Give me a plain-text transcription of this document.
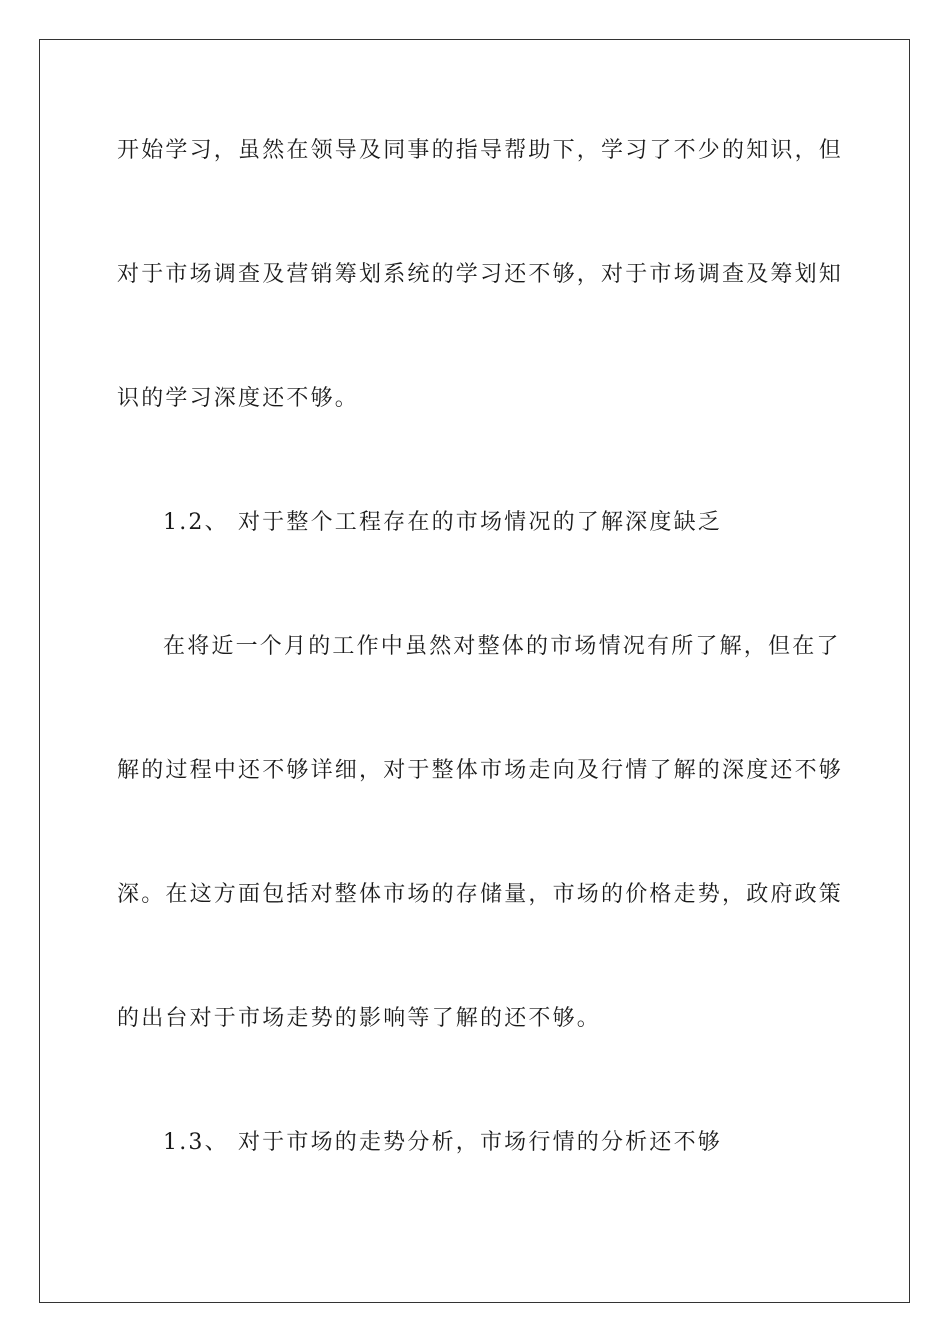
开始学习，虽然在领导及同事的指导帮助下，学习了不少的知识，但
对于市场调查及营销筹划系统的学习还不够，对于市场调查及筹划知
识的学习深度还不够。
1.2、 对于整个工程存在的市场情况的了解深度缺乏
在将近一个月的工作中虽然对整体的市场情况有所了解，但在了
解的过程中还不够详细，对于整体市场走向及行情了解的深度还不够
深。在这方面包括对整体市场的存储量，市场的价格走势，政府政策
的出台对于市场走势的影响等了解的还不够。
1.3、 对于市场的走势分析，市场行情的分析还不够
